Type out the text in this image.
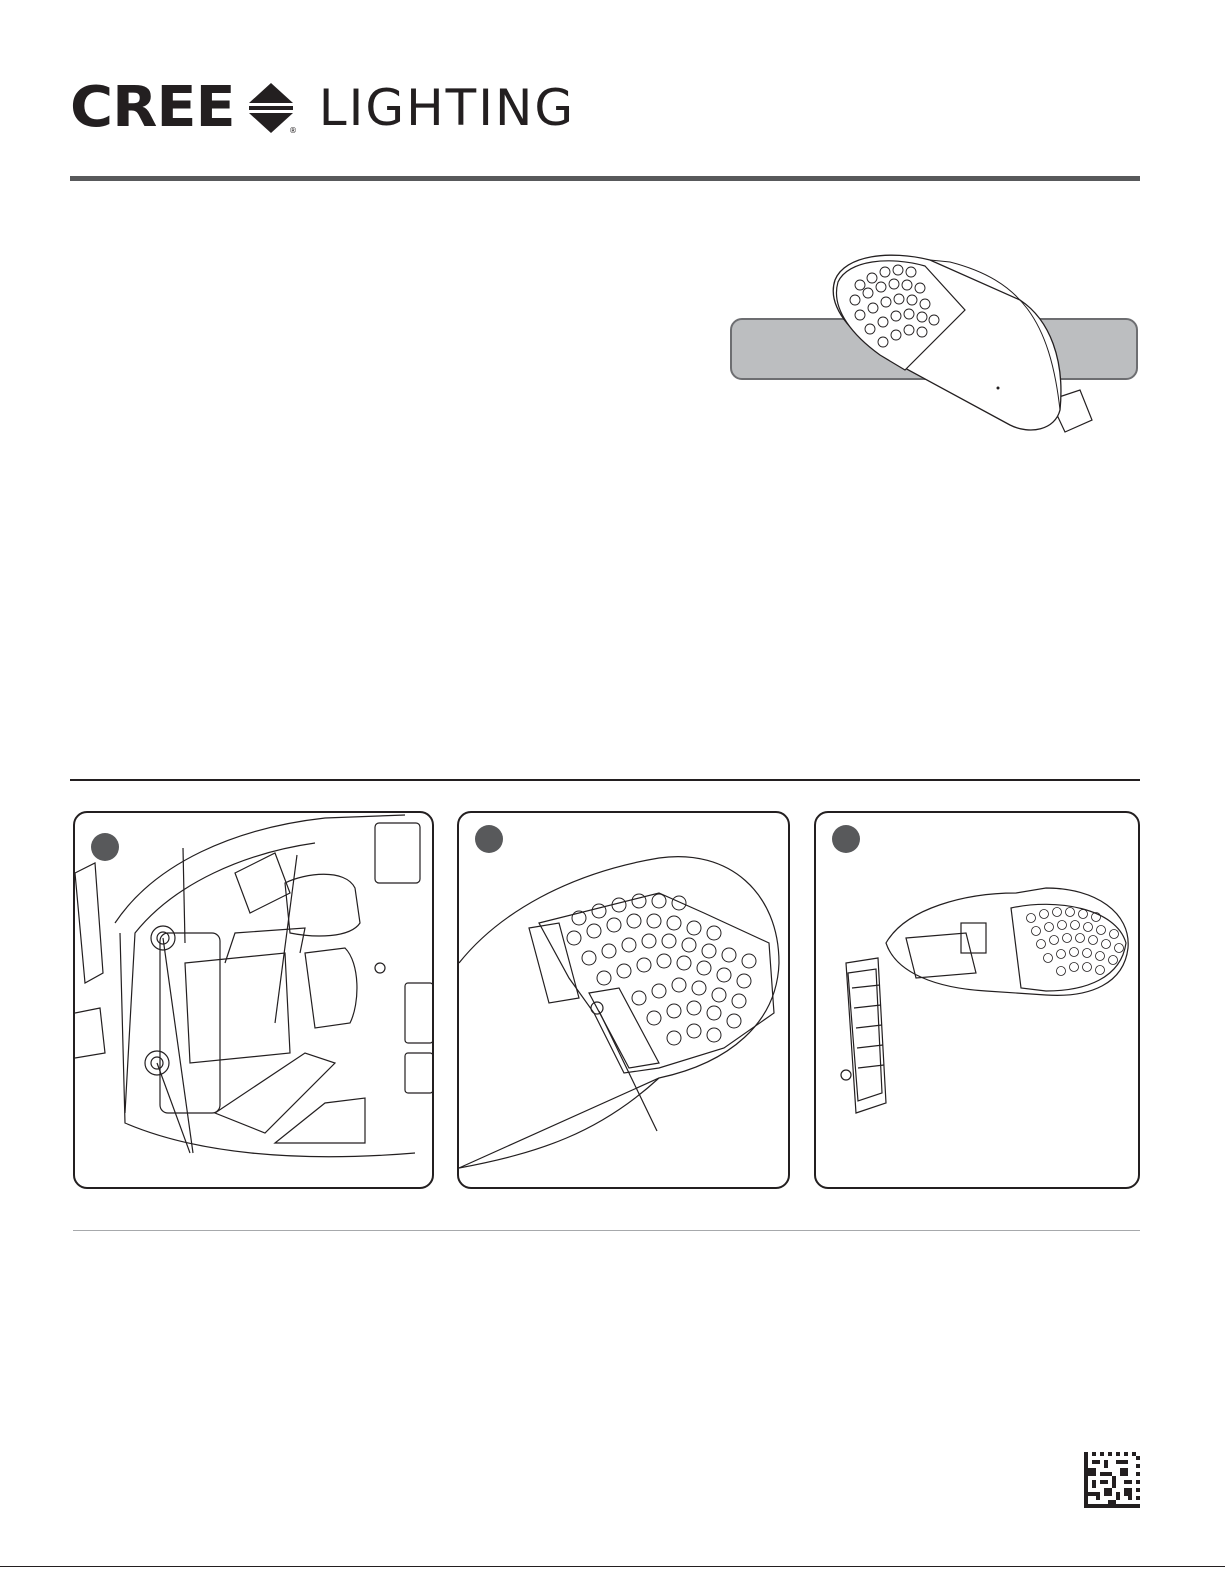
CREE	® LIGHTING
